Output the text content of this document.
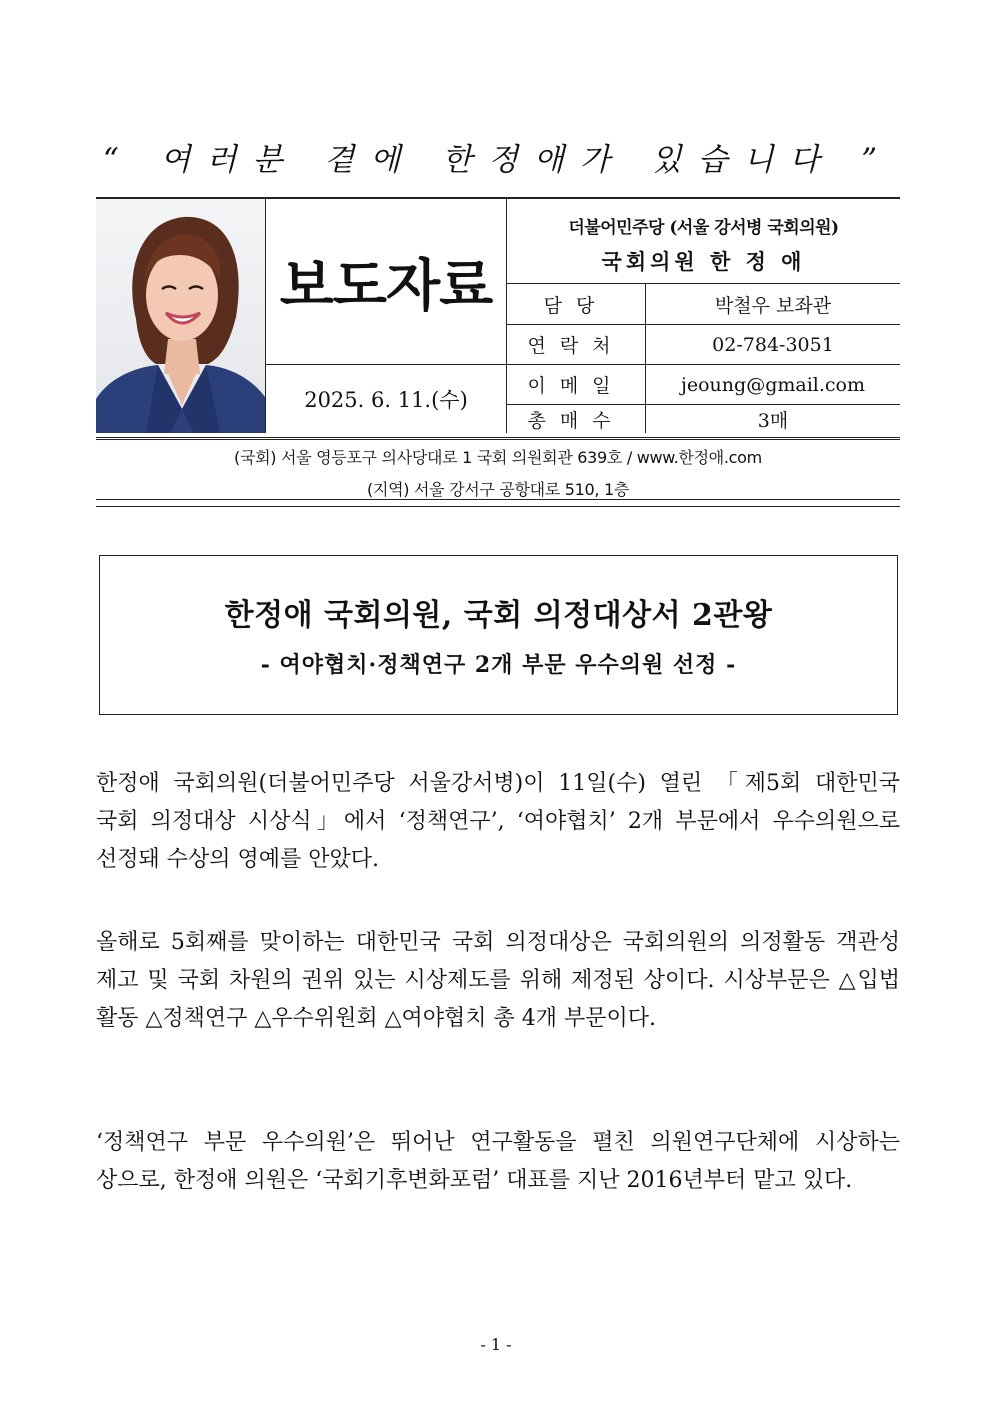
“ 여러분 곁에 한정애가 있습니다 ”
보도자료
2025. 6. 11.(수)
더불어민주당 (서울 강서병 국회의원)
국회의원 한 정 애
담당	박철우 보좌관
연락처	02-784-3051
이메일	jeoung@gmail.com
총매수	3매
(국회) 서울 영등포구 의사당대로 1 국회 의원회관 639호 / www.한정애.com
(지역) 서울 강서구 공항대로 510, 1층
한정애 국회의원, 국회 의정대상서 2관왕
- 여야협치·정책연구 2개 부문 우수의원 선정 -
한정애 국회의원(더불어민주당 서울강서병)이 11일(수) 열린 「제5회 대한민국 국회 의정대상 시상식」에서 ‘정책연구’, ‘여야협치’ 2개 부문에서 우수의원으로 선정돼 수상의 영예를 안았다.
올해로 5회째를 맞이하는 대한민국 국회 의정대상은 국회의원의 의정활동 객관성 제고 및 국회 차원의 권위 있는 시상제도를 위해 제정된 상이다. 시상부문은 △입법 활동 △정책연구 △우수위원회 △여야협치 총 4개 부문이다.
‘정책연구 부문 우수의원’은 뛰어난 연구활동을 펼친 의원연구단체에 시상하는 상으로, 한정애 의원은 ‘국회기후변화포럼’ 대표를 지난 2016년부터 맡고 있다.
- 1 -
